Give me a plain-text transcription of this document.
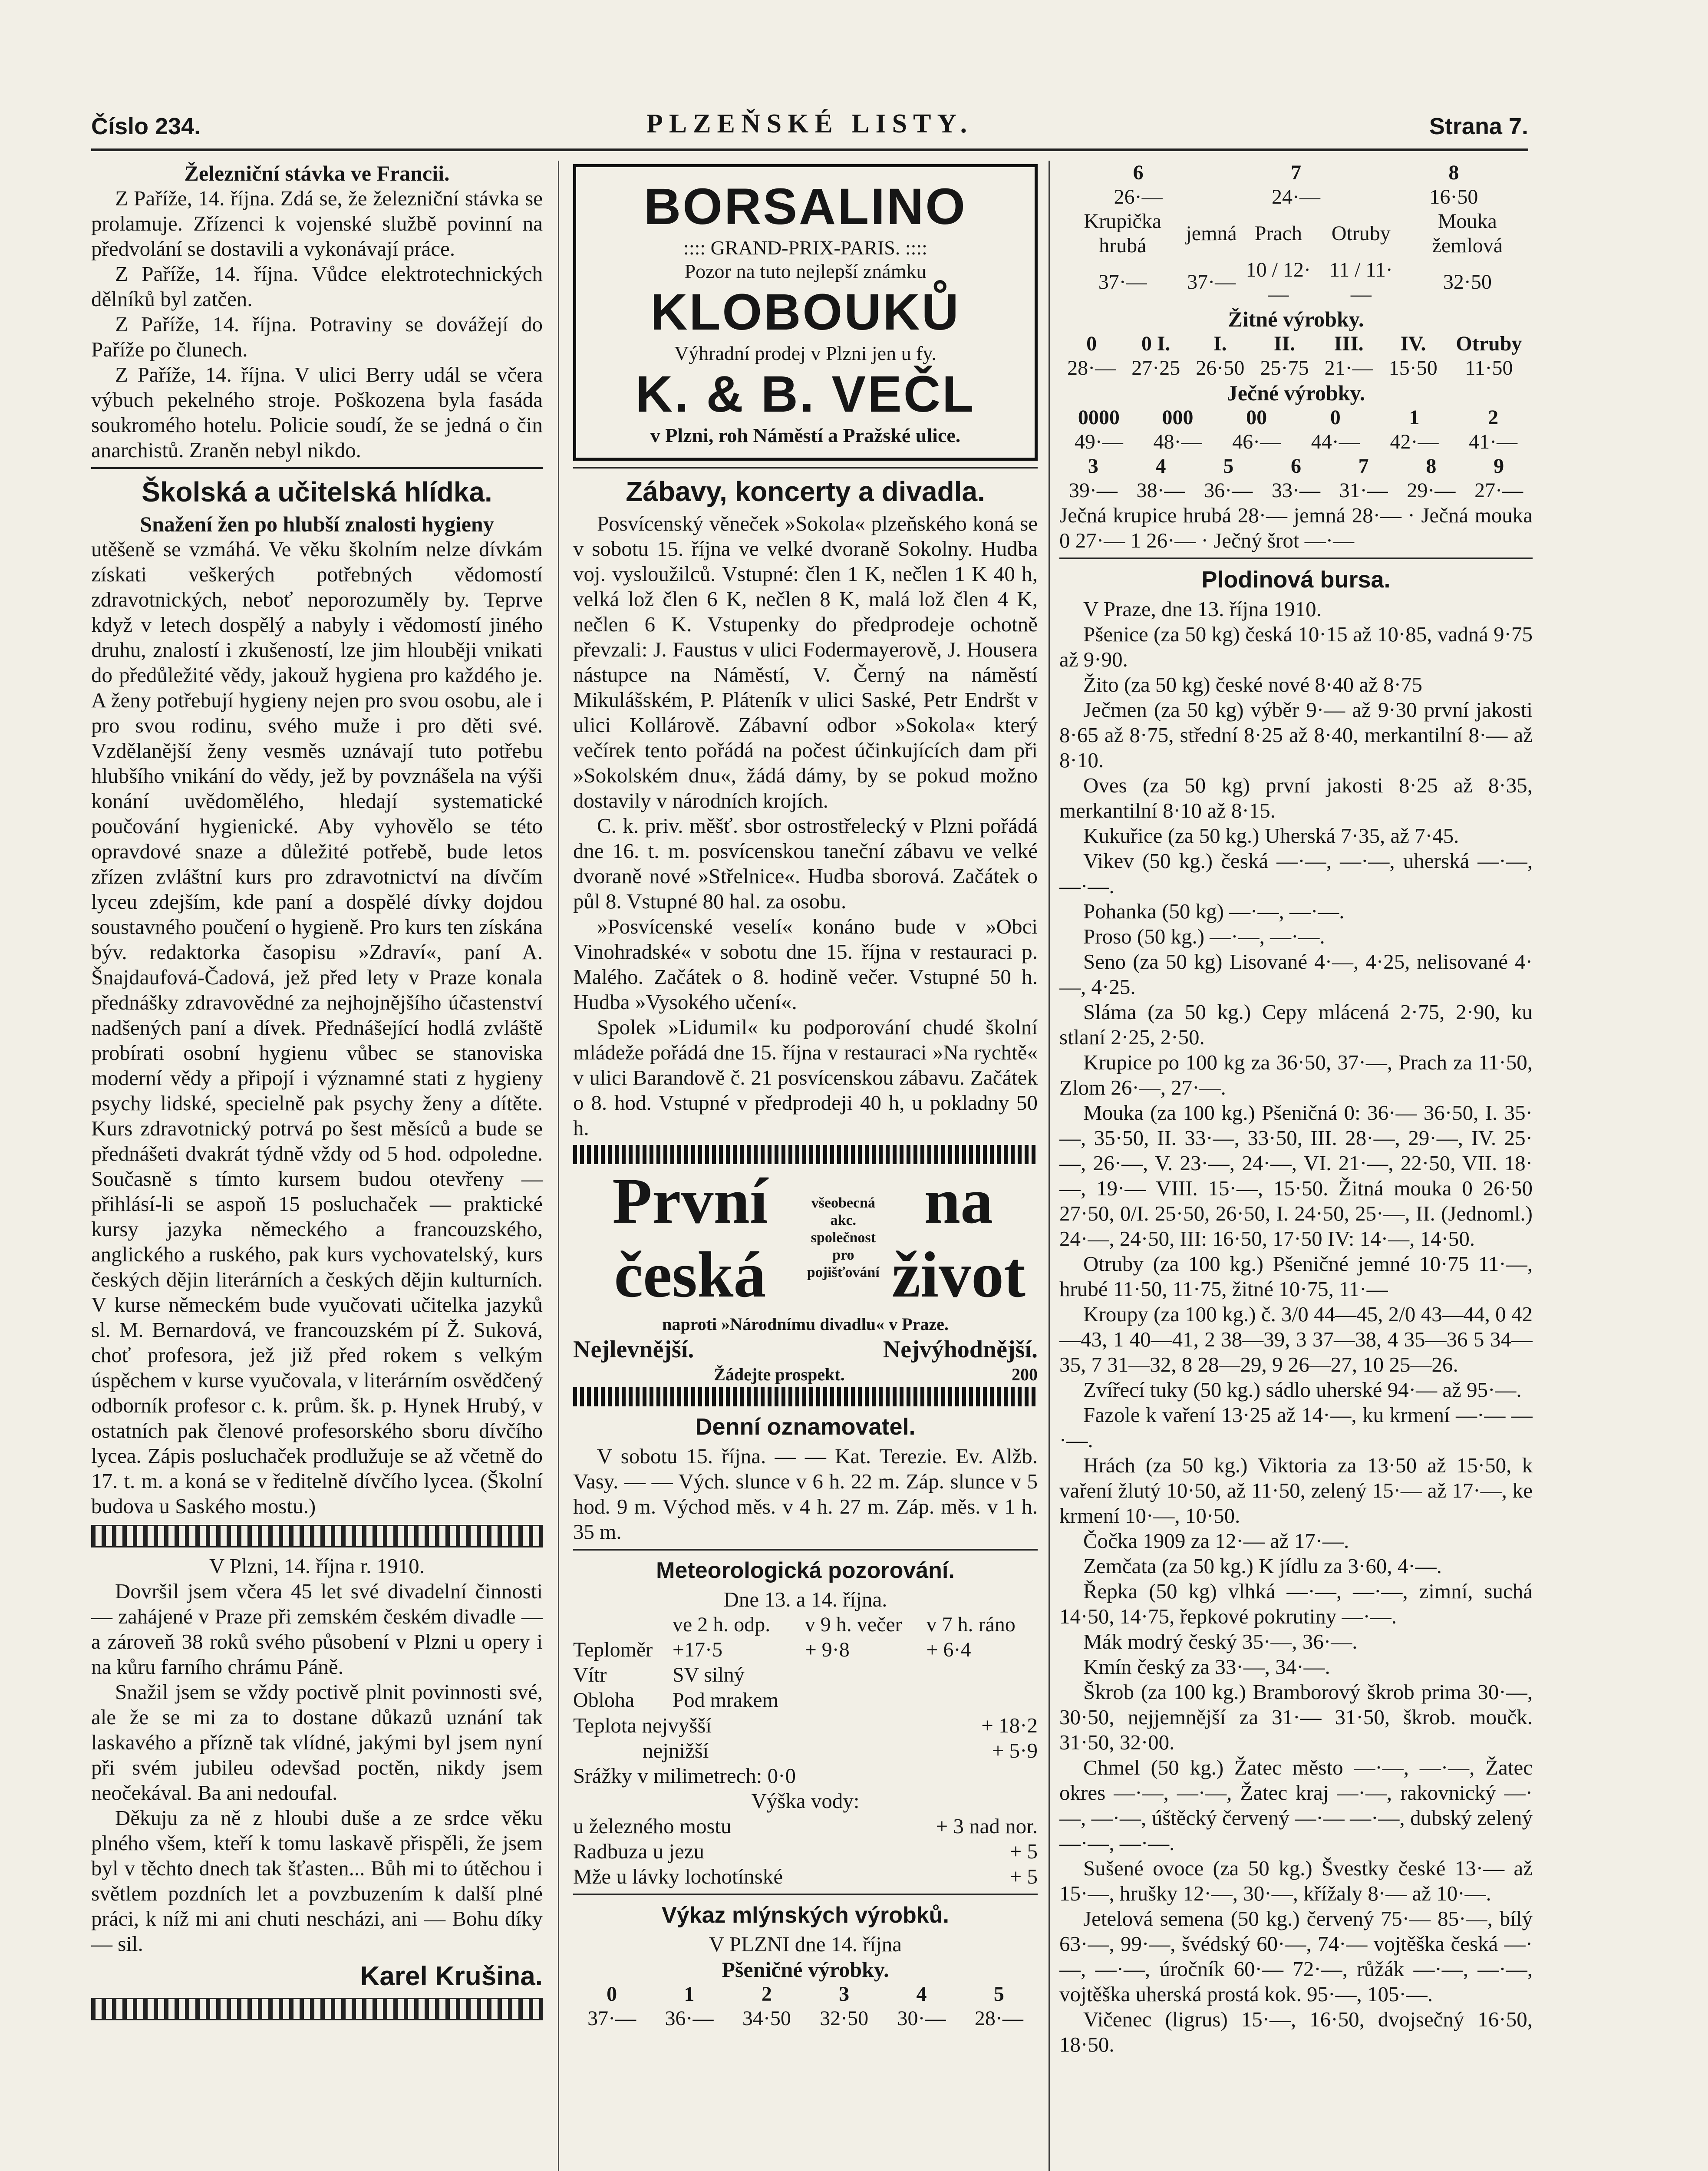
Číslo 234.	PLZEŇSKÉ LISTY.	Strana 7.
Železniční stávka ve Francii.

Z Paříže, 14. října. Zdá se, že železniční stávka se prolamuje. Zřízenci k vojenské službě povinní na předvolání se dostavili a vykonávají práce.

Z Paříže, 14. října. Vůdce elektrotechnických dělníků byl zatčen.

Z Paříže, 14. října. Potraviny se dovážejí do Paříže po člunech.

Z Paříže, 14. října. V ulici Berry udál se včera výbuch pekelného stroje. Poškozena byla fasáda soukromého hotelu. Policie soudí, že se jedná o čin anarchistů. Zraněn nebyl nikdo.

Školská a učitelská hlídka.
Snažení žen po hlubší znalosti hygieny

utěšeně se vzmáhá. Ve věku školním nelze dívkám získati veškerých potřebných vědomostí zdravotnických, neboť neporozuměly by. Teprve když v letech dospělý a nabyly i vědomostí jiného druhu, znalostí i zkušeností, lze jim hlouběji vnikati do předůležité vědy, jakouž hygiena pro každého je. A ženy potřebují hygieny nejen pro svou osobu, ale i pro svou rodinu, svého muže i pro děti své. Vzdělanější ženy vesměs uznávají tuto potřebu hlubšího vnikání do vědy, jež by povznášela na výši konání uvědomělého, hledají systematické poučování hygienické. Aby vyhovělo se této opravdové snaze a důležité potřebě, bude letos zřízen zvláštní kurs pro zdravotnictví na dívčím lyceu zdejším, kde paní a dospělé dívky dojdou soustavného poučení o hygieně. Pro kurs ten získána býv. redaktorka časopisu »Zdraví«, paní A. Šnajdaufová-Čadová, jež před lety v Praze konala přednášky zdravovědné za nejhojnějšího účastenství nadšených paní a dívek. Přednášející hodlá zvláště probírati osobní hygienu vůbec se stanoviska moderní vědy a připojí i významné stati z hygieny psychy lidské, specielně pak psychy ženy a dítěte. Kurs zdravotnický potrvá po šest měsíců a bude se přednášeti dvakrát týdně vždy od 5 hod. odpoledne. Současně s tímto kursem budou otevřeny — přihlásí-li se aspoň 15 posluchaček — praktické kursy jazyka německého a francouzského, anglického a ruského, pak kurs vychovatelský, kurs českých dějin literárních a českých dějin kulturních. V kurse německém bude vyučovati učitelka jazyků sl. M. Bernardová, ve francouzském pí Ž. Suková, choť profesora, jež již před rokem s velkým úspěchem v kurse vyučovala, v literárním osvědčený odborník profesor c. k. prům. šk. p. Hynek Hrubý, v ostatních pak členové profesorského sboru dívčího lycea. Zápis posluchaček prodlužuje se až včetně do 17. t. m. a koná se v ředitelně dívčího lycea. (Školní budova u Saského mostu.)

V Plzni, 14. října r. 1910.

Dovršil jsem včera 45 let své divadelní činnosti — zahájené v Praze při zemském českém divadle — a zároveň 38 roků svého působení v Plzni u opery i na kůru farního chrámu Páně.

Snažil jsem se vždy poctivě plnit povinnosti své, ale že se mi za to dostane důkazů uznání tak laskavého a přízně tak vlídné, jakými byl jsem nyní při svém jubileu odevšad poctěn, nikdy jsem neočekával. Ba ani nedoufal.

Děkuju za ně z hloubi duše a ze srdce věku plného všem, kteří k tomu laskavě přispěli, že jsem byl v těchto dnech tak šťasten... Bůh mi to útěchou i světlem pozdních let a povzbuzením k další plné práci, k níž mi ani chuti nescházi, ani — Bohu díky — sil.

Karel Krušina.
BORSALINO
:::: GRAND-PRIX-PARIS. ::::
Pozor na tuto nejlepší známku
KLOBOUKŮ
Výhradní prodej v Plzni jen u fy.
K. & B. VEČL
v Plzni, roh Náměstí a Pražské ulice.
Zábavy, koncerty a divadla.

Posvícenský věneček »Sokola« plzeňského koná se v sobotu 15. října ve velké dvoraně Sokolny. Hudba voj. vysloužilců. Vstupné: člen 1 K, nečlen 1 K 40 h, velká lož člen 6 K, nečlen 8 K, malá lož člen 4 K, nečlen 6 K. Vstupenky do předprodeje ochotně převzali: J. Faustus v ulici Fodermayerově, J. Housera nástupce na Náměstí, V. Černý na náměstí Mikulášském, P. Pláteník v ulici Saské, Petr Endršt v ulici Kollárově. Zábavní odbor »Sokola« který večírek tento pořádá na počest účinkujících dam při »Sokolském dnu«, žádá dámy, by se pokud možno dostavily v národních krojích.

C. k. priv. měšť. sbor ostrostřelecký v Plzni pořádá dne 16. t. m. posvícenskou taneční zábavu ve velké dvoraně nové »Střelnice«. Hudba sborová. Začátek o půl 8. Vstupné 80 hal. za osobu.

»Posvícenské veselí« konáno bude v »Obci Vinohradské« v sobotu dne 15. října v restauraci p. Malého. Začátek o 8. hodině večer. Vstupné 50 h. Hudba »Vysokého učení«.

Spolek »Lidumil« ku podporování chudé školní mládeže pořádá dne 15. října v restauraci »Na rychtě« v ulici Barandově č. 21 posvícenskou zábavu. Začátek o 8. hod. Vstupné v předprodeji 40 h, u pokladny 50 h.

První česká
všeobecná akc.
společnost
pro pojišťování
na život
naproti »Národnímu divadlu« v Praze.
Nejlevnější.	Nejvýhodnější.
Žádejte prospekt.	200
Denní oznamovatel.

V sobotu 15. října. — — Kat. Terezie. Ev. Alžb. Vasy. — — Vých. slunce v 6 h. 22 m. Záp. slunce v 5 hod. 9 m. Východ měs. v 4 h. 27 m. Záp. měs. v 1 h. 35 m.

Meteorologická pozorování.
Dne 13. a 14. října.
	ve 2 h. odp.	v 9 h. večer	v 7 h. ráno
Teploměr	+17·5	+ 9·8	+ 6·4
Vítr	SV silný		
Obloha	Pod mrakem		
Teplota nejvyšší	+ 18·2
nejnižší	+ 5·9
Srážky v milimetrech: 0·0
Výška vody:
u železného mostu	+ 3 nad nor.
Radbuza u jezu	+ 5
Mže u lávky lochotínské	+ 5
Výkaz mlýnských výrobků.
V PLZNI dne 14. října
Pšeničné výrobky.
0	1	2	3	4	5
37·—	36·—	34·50	32·50	30·—	28·—
6	7	8
26·—	24·—	16·50
Krupička hrubá	jemná	Prach	Otruby	Mouka žemlová
37·—	37·—	10 / 12·—	11 / 11·—	32·50
Žitné výrobky.
0	0 I.	I.	II.	III.	IV.	Otruby
28·—	27·25	26·50	25·75	21·—	15·50	11·50
Ječné výrobky.
0000	000	00	0	1	2
49·—	48·—	46·—	44·—	42·—	41·—
3	4	5	6	7	8	9
39·—	38·—	36·—	33·—	31·—	29·—	27·—

Ječná krupice hrubá 28·— jemná 28·— · Ječná mouka 0 27·— 1 26·— · Ječný šrot —·—

Plodinová bursa.
V Praze, dne 13. října 1910.

Pšenice (za 50 kg) česká 10·15 až 10·85, vadná 9·75 až 9·90.

Žito (za 50 kg) české nové 8·40 až 8·75

Ječmen (za 50 kg) výběr 9·— až 9·30 první jakosti 8·65 až 8·75, střední 8·25 až 8·40, merkantilní 8·— až 8·10.

Oves (za 50 kg) první jakosti 8·25 až 8·35, merkantilní 8·10 až 8·15.

Kukuřice (za 50 kg.) Uherská 7·35, až 7·45.

Vikev (50 kg.) česká —·—, —·—, uherská —·—, —·—.

Pohanka (50 kg) —·—, —·—.

Proso (50 kg.) —·—, —·—.

Seno (za 50 kg) Lisované 4·—, 4·25, nelisované 4·—, 4·25.

Sláma (za 50 kg.) Cepy mlácená 2·75, 2·90, ku stlaní 2·25, 2·50.

Krupice po 100 kg za 36·50, 37·—, Prach za 11·50, Zlom 26·—, 27·—.

Mouka (za 100 kg.) Pšeničná 0: 36·— 36·50, I. 35·—, 35·50, II. 33·—, 33·50, III. 28·—, 29·—, IV. 25·—, 26·—, V. 23·—, 24·—, VI. 21·—, 22·50, VII. 18·—, 19·— VIII. 15·—, 15·50. Žitná mouka 0 26·50 27·50, 0/I. 25·50, 26·50, I. 24·50, 25·—, II. (Jednoml.) 24·—, 24·50, III: 16·50, 17·50 IV: 14·—, 14·50.

Otruby (za 100 kg.) Pšeničné jemné 10·75 11·—, hrubé 11·50, 11·75, žitné 10·75, 11·—

Kroupy (za 100 kg.) č. 3/0 44—45, 2/0 43—44, 0 42—43, 1 40—41, 2 38—39, 3 37—38, 4 35—36 5 34—35, 7 31—32, 8 28—29, 9 26—27, 10 25—26.

Zvířecí tuky (50 kg.) sádlo uherské 94·— až 95·—.

Fazole k vaření 13·25 až 14·—, ku krmení —·— —·—.

Hrách (za 50 kg.) Viktoria za 13·50 až 15·50, k vaření žlutý 10·50, až 11·50, zelený 15·— až 17·—, ke krmení 10·—, 10·50.

Čočka 1909 za 12·— až 17·—.

Zemčata (za 50 kg.) K jídlu za 3·60, 4·—.

Řepka (50 kg) vlhká —·—, —·—, zimní, suchá 14·50, 14·75, řepkové pokrutiny —·—.

Mák modrý český 35·—, 36·—.

Kmín český za 33·—, 34·—.

Škrob (za 100 kg.) Bramborový škrob prima 30·—, 30·50, nejjemnější za 31·— 31·50, škrob. moučk. 31·50, 32·00.

Chmel (50 kg.) Žatec město —·—, —·—, Žatec okres —·—, —·—, Žatec kraj —·—, rakovnický —·—, —·—, úštěcký červený —·— —·—, dubský zelený —·—, —·—.

Sušené ovoce (za 50 kg.) Švestky české 13·— až 15·—, hrušky 12·—, 30·—, křížaly 8·— až 10·—.

Jetelová semena (50 kg.) červený 75·— 85·—, bílý 63·—, 99·—, švédský 60·—, 74·— vojtěška česká —·—, —·—, úročník 60·— 72·—, růžák —·—, —·—, vojtěška uherská prostá kok. 95·—, 105·—.

Vičenec (ligrus) 15·—, 16·50, dvojsečný 16·50, 18·50.
